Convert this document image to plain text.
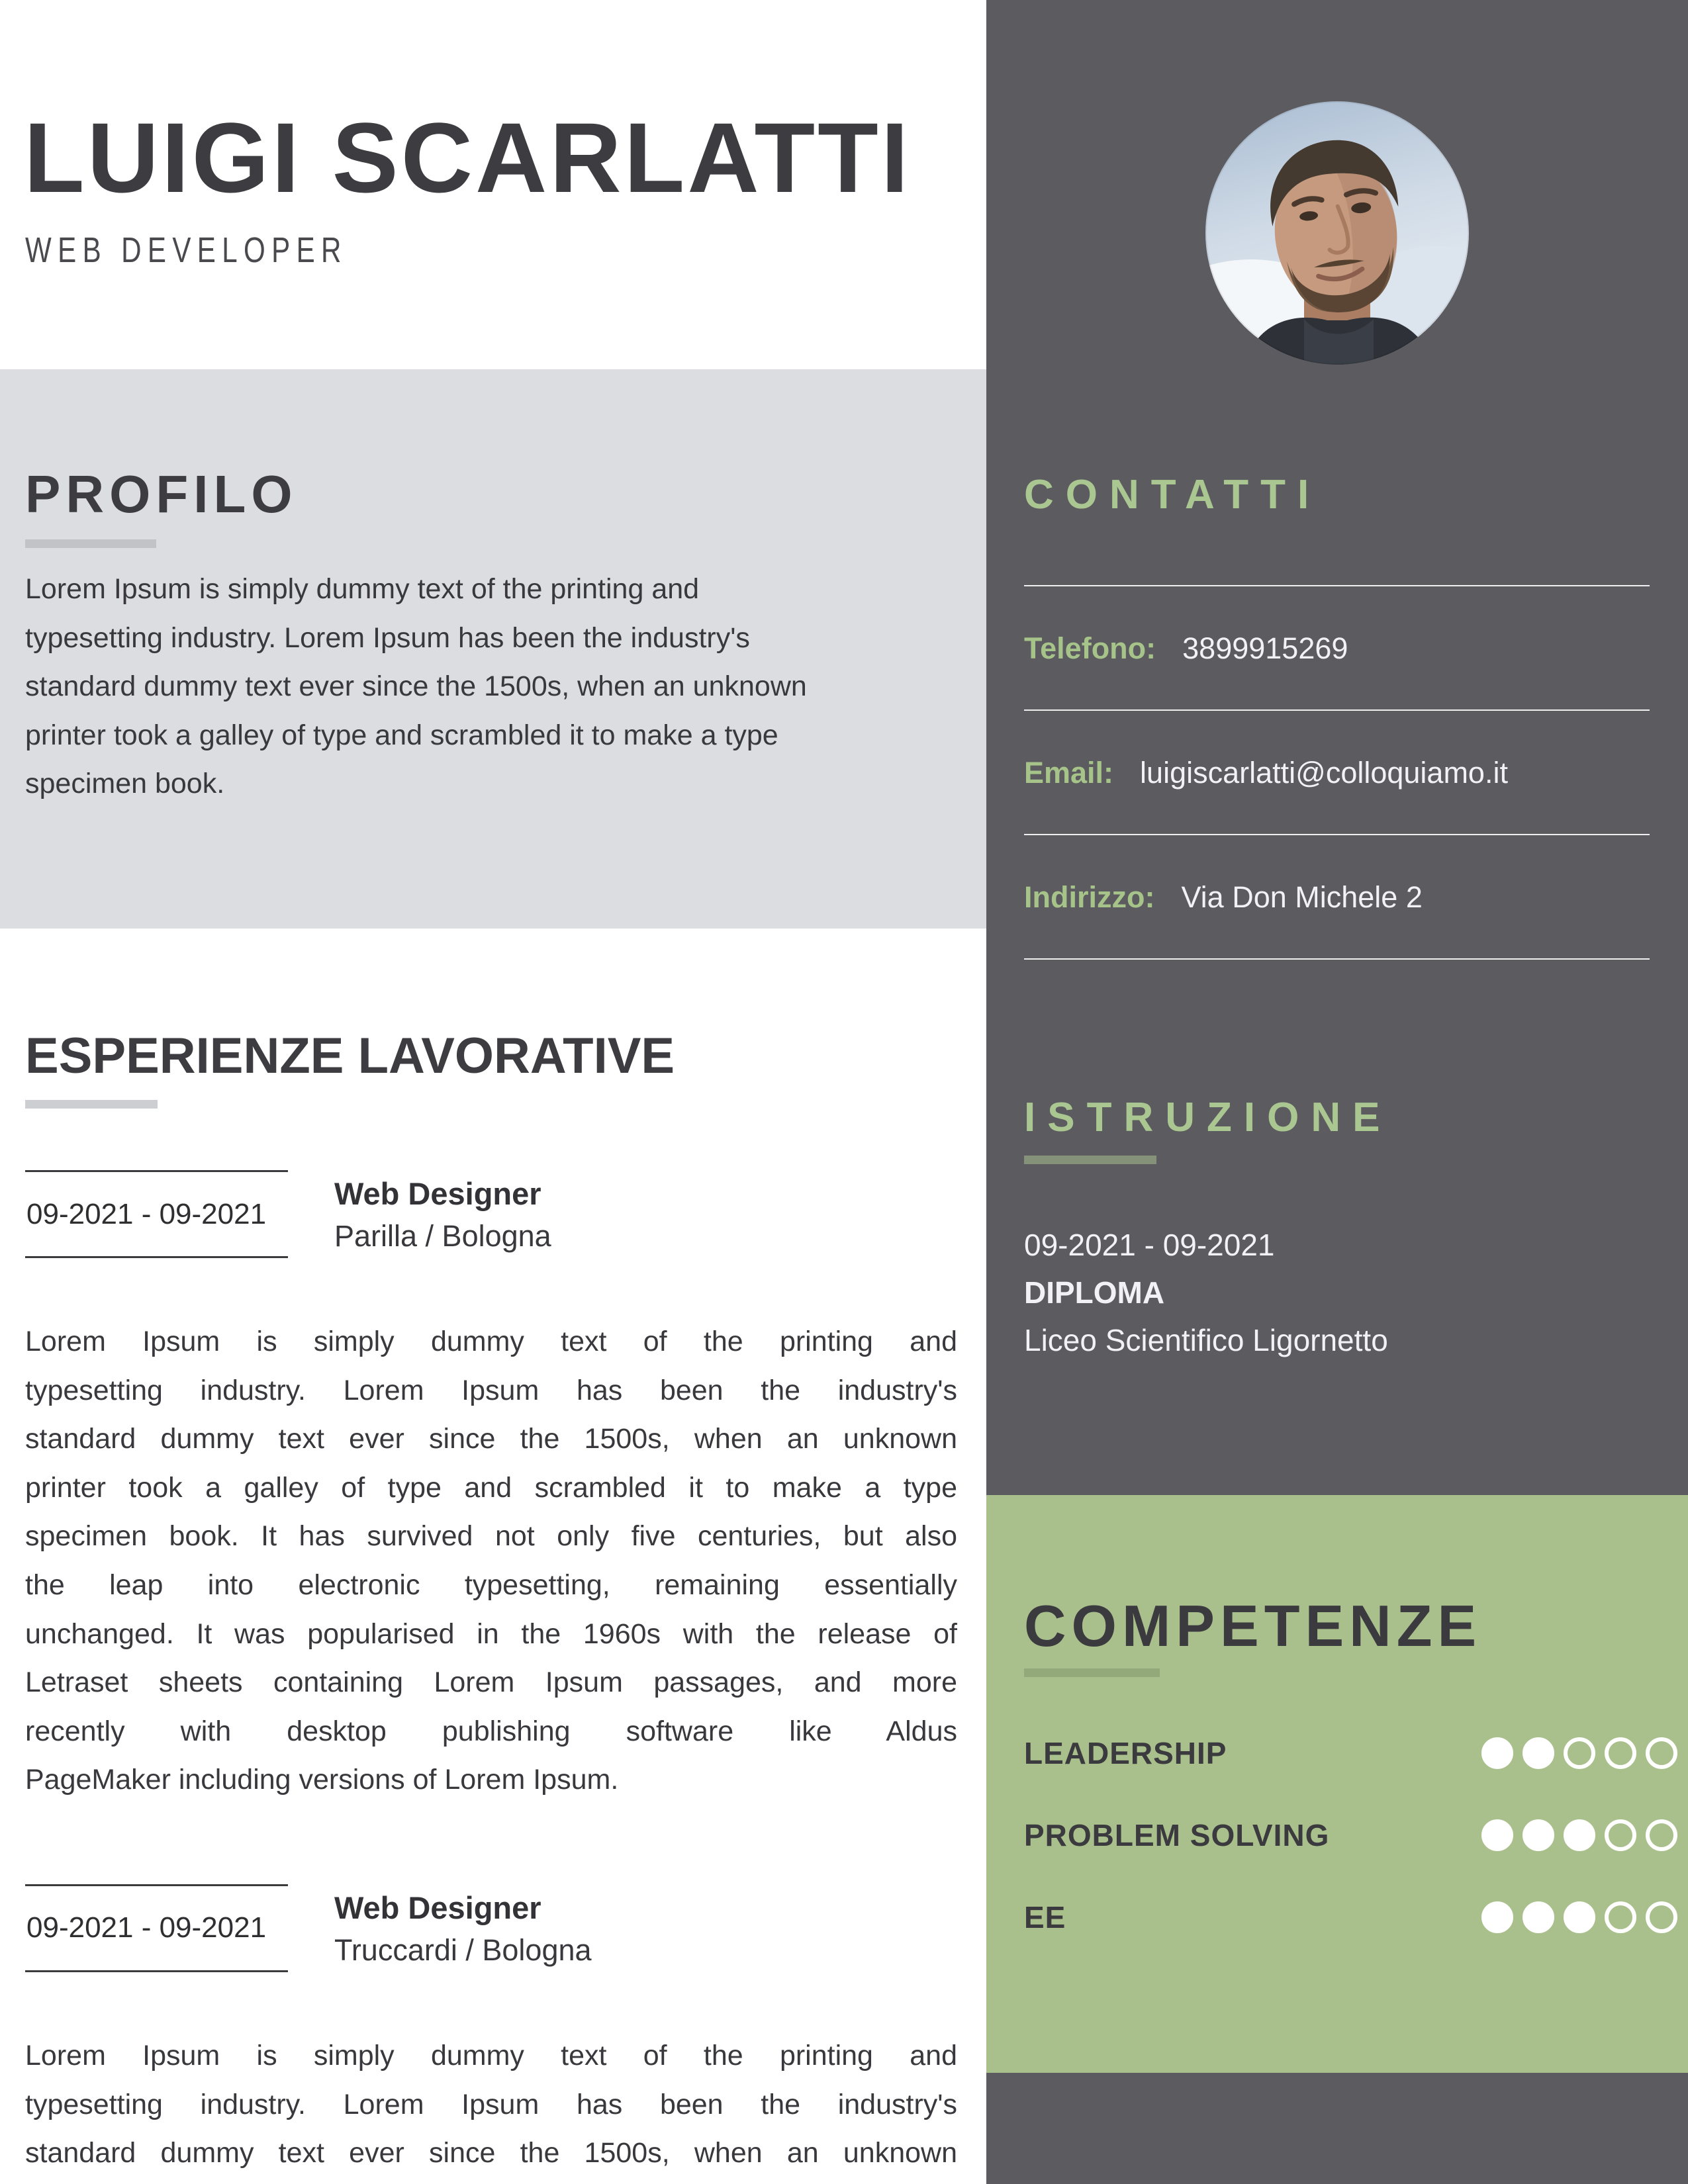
LUIGI SCARLATTI
WEB DEVELOPER
PROFILO
Lorem Ipsum is simply dummy text of the printing and
typesetting industry. Lorem Ipsum has been the industry's
standard dummy text ever since the 1500s, when an unknown
printer took a galley of type and scrambled it to make a type
specimen book.
ESPERIENZE LAVORATIVE
09-2021 - 09-2021
Web Designer
Parilla / Bologna
Lorem Ipsum is simply dummy text of the printing and
typesetting industry. Lorem Ipsum has been the industry's
standard dummy text ever since the 1500s, when an unknown
printer took a galley of type and scrambled it to make a type
specimen book. It has survived not only five centuries, but also
the leap into electronic typesetting, remaining essentially
unchanged. It was popularised in the 1960s with the release of
Letraset sheets containing Lorem Ipsum passages, and more
recently with desktop publishing software like Aldus
PageMaker including versions of Lorem Ipsum.
09-2021 - 09-2021
Web Designer
Truccardi / Bologna
Lorem Ipsum is simply dummy text of the printing and
typesetting industry. Lorem Ipsum has been the industry's
standard dummy text ever since the 1500s, when an unknown
CONTATTI
Telefono: 3899915269
Email: luigiscarlatti@colloquiamo.it
Indirizzo: Via Don Michele 2
ISTRUZIONE
09-2021 - 09-2021
DIPLOMA
Liceo Scientifico Ligornetto
COMPETENZE
LEADERSHIP
PROBLEM SOLVING
EE
